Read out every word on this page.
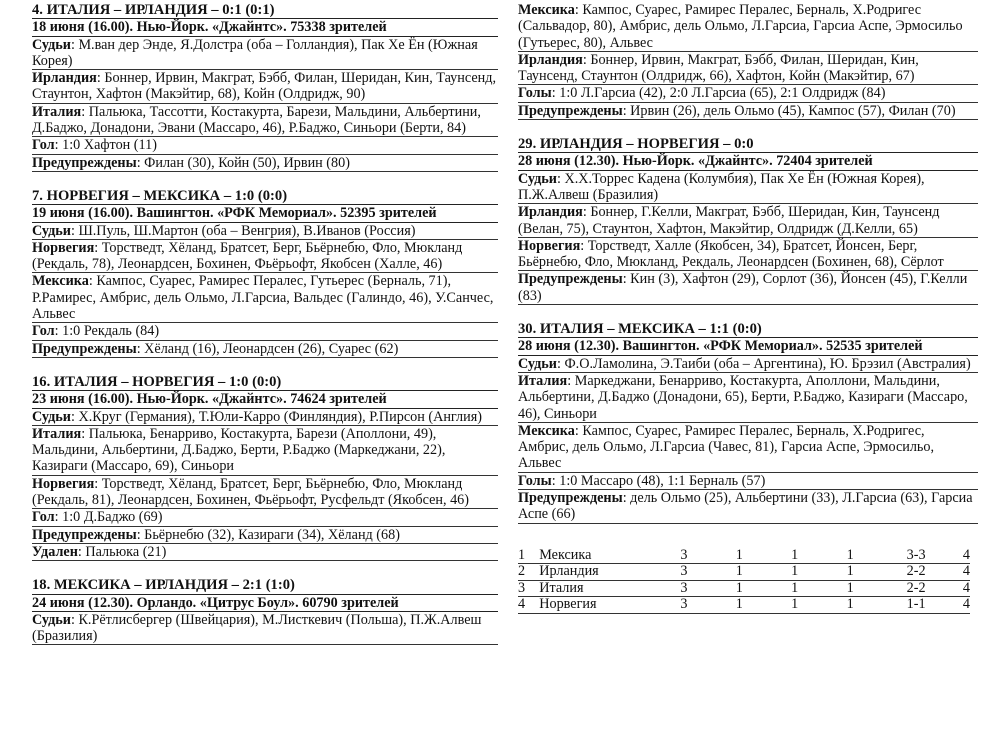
4. ИТАЛИЯ – ИРЛАНДИЯ – 0:1 (0:1)
18 июня (16.00). Нью-Йорк. «Джайнтс». 75338 зрителей
Судьи: М.ван дер Энде, Я.Долстра (оба – Голландия), Пак Хе Ён (Южная Корея)
Ирландия: Боннер, Ирвин, Макграт, Бэбб, Филан, Шеридан, Кин, Таунсенд, Стаунтон, Хафтон (Макэйтир, 68), Койн (Олдридж, 90)
Италия: Пальюка, Тассотти, Костакурта, Барези, Мальдини, Альбертини, Д.Баджо, Донадони, Эвани (Массаро, 46), Р.Баджо, Синьори (Берти, 84)
Гол: 1:0 Хафтон (11)
Предупреждены: Филан (30), Койн (50), Ирвин (80)
7. НОРВЕГИЯ – МЕКСИКА – 1:0 (0:0)
19 июня (16.00). Вашингтон. «РФК Мемориал». 52395 зрителей
Судьи: Ш.Пуль, Ш.Мартон (оба – Венгрия), В.Иванов (Россия)
Норвегия: Торстведт, Хёланд, Братсет, Берг, Бьёрнебю, Фло, Мюкланд (Рекдаль, 78), Леонардсен, Бохинен, Фьёрьофт, Якобсен (Халле, 46)
Мексика: Кампос, Суарес, Рамирес Пералес, Гутьерес (Берналь, 71), Р.Рамирес, Амбрис, дель Ольмо, Л.Гарсиа, Вальдес (Галиндо, 46), У.Санчес, Альвес
Гол: 1:0 Рекдаль (84)
Предупреждены: Хёланд (16), Леонардсен (26), Суарес (62)
16. ИТАЛИЯ – НОРВЕГИЯ – 1:0 (0:0)
23 июня (16.00). Нью-Йорк. «Джайнтс». 74624 зрителей
Судьи: Х.Круг (Германия), Т.Юли-Карро (Финляндия), Р.Пирсон (Англия)
Италия: Пальюка, Бенарриво, Костакурта, Барези (Аполлони, 49), Мальдини, Альбертини, Д.Баджо, Берти, Р.Баджо (Маркеджани, 22), Казираги (Массаро, 69), Синьори
Норвегия: Торстведт, Хёланд, Братсет, Берг, Бьёрнебю, Фло, Мюкланд (Рекдаль, 81), Леонардсен, Бохинен, Фьёрьофт, Русфельдт (Якобсен, 46)
Гол: 1:0 Д.Баджо (69)
Предупреждены: Бьёрнебю (32), Казираги (34), Хёланд (68)
Удален: Пальюка (21)
18. МЕКСИКА – ИРЛАНДИЯ – 2:1 (1:0)
24 июня (12.30). Орландо. «Цитрус Боул». 60790 зрителей
Судьи: К.Рётлисбергер (Швейцария), М.Листкевич (Польша), П.Ж.Алвеш (Бразилия)
Мексика: Кампос, Суарес, Рамирес Пералес, Берналь, Х.Родригес (Сальвадор, 80), Амбрис, дель Ольмо, Л.Гарсиа, Гарсиа Аспе, Эрмосильо (Гутьерес, 80), Альвес
Ирландия: Боннер, Ирвин, Макграт, Бэбб, Филан, Шеридан, Кин, Таунсенд, Стаунтон (Олдридж, 66), Хафтон, Койн (Макэйтир, 67)
Голы: 1:0 Л.Гарсиа (42), 2:0 Л.Гарсиа (65), 2:1 Олдридж (84)
Предупреждены: Ирвин (26), дель Ольмо (45), Кампос (57), Филан (70)
29. ИРЛАНДИЯ – НОРВЕГИЯ – 0:0
28 июня (12.30). Нью-Йорк. «Джайнтс». 72404 зрителей
Судьи: Х.Х.Торрес Кадена (Колумбия), Пак Хе Ён (Южная Корея), П.Ж.Алвеш (Бразилия)
Ирландия: Боннер, Г.Келли, Макграт, Бэбб, Шеридан, Кин, Таунсенд (Велан, 75), Стаунтон, Хафтон, Макэйтир, Олдридж (Д.Келли, 65)
Норвегия: Торстведт, Халле (Якобсен, 34), Братсет, Йонсен, Берг, Бьёрнебю, Фло, Мюкланд, Рекдаль, Леонардсен (Бохинен, 68), Сёрлот
Предупреждены: Кин (3), Хафтон (29), Сорлот (36), Йонсен (45), Г.Келли (83)
30. ИТАЛИЯ – МЕКСИКА – 1:1 (0:0)
28 июня (12.30). Вашингтон. «РФК Мемориал». 52535 зрителей
Судьи: Ф.О.Ламолина, Э.Таиби (оба – Аргентина), Ю. Брэзил (Австралия)
Италия: Маркеджани, Бенарриво, Костакурта, Аполлони, Мальдини, Альбертини, Д.Баджо (Донадони, 65), Берти, Р.Баджо, Казираги (Массаро, 46), Синьори
Мексика: Кампос, Суарес, Рамирес Пералес, Берналь, Х.Родригес, Амбрис, дель Ольмо, Л.Гарсиа (Чавес, 81), Гарсиа Аспе, Эрмосильо, Альвес
Голы: 1:0 Массаро (48), 1:1 Берналь (57)
Предупреждены: дель Ольмо (25), Альбертини (33), Л.Гарсиа (63), Гарсиа Аспе (66)
1	Мексика	3	1	1	1	3-3	4
2	Ирландия	3	1	1	1	2-2	4
3	Италия	3	1	1	1	2-2	4
4	Норвегия	3	1	1	1	1-1	4
